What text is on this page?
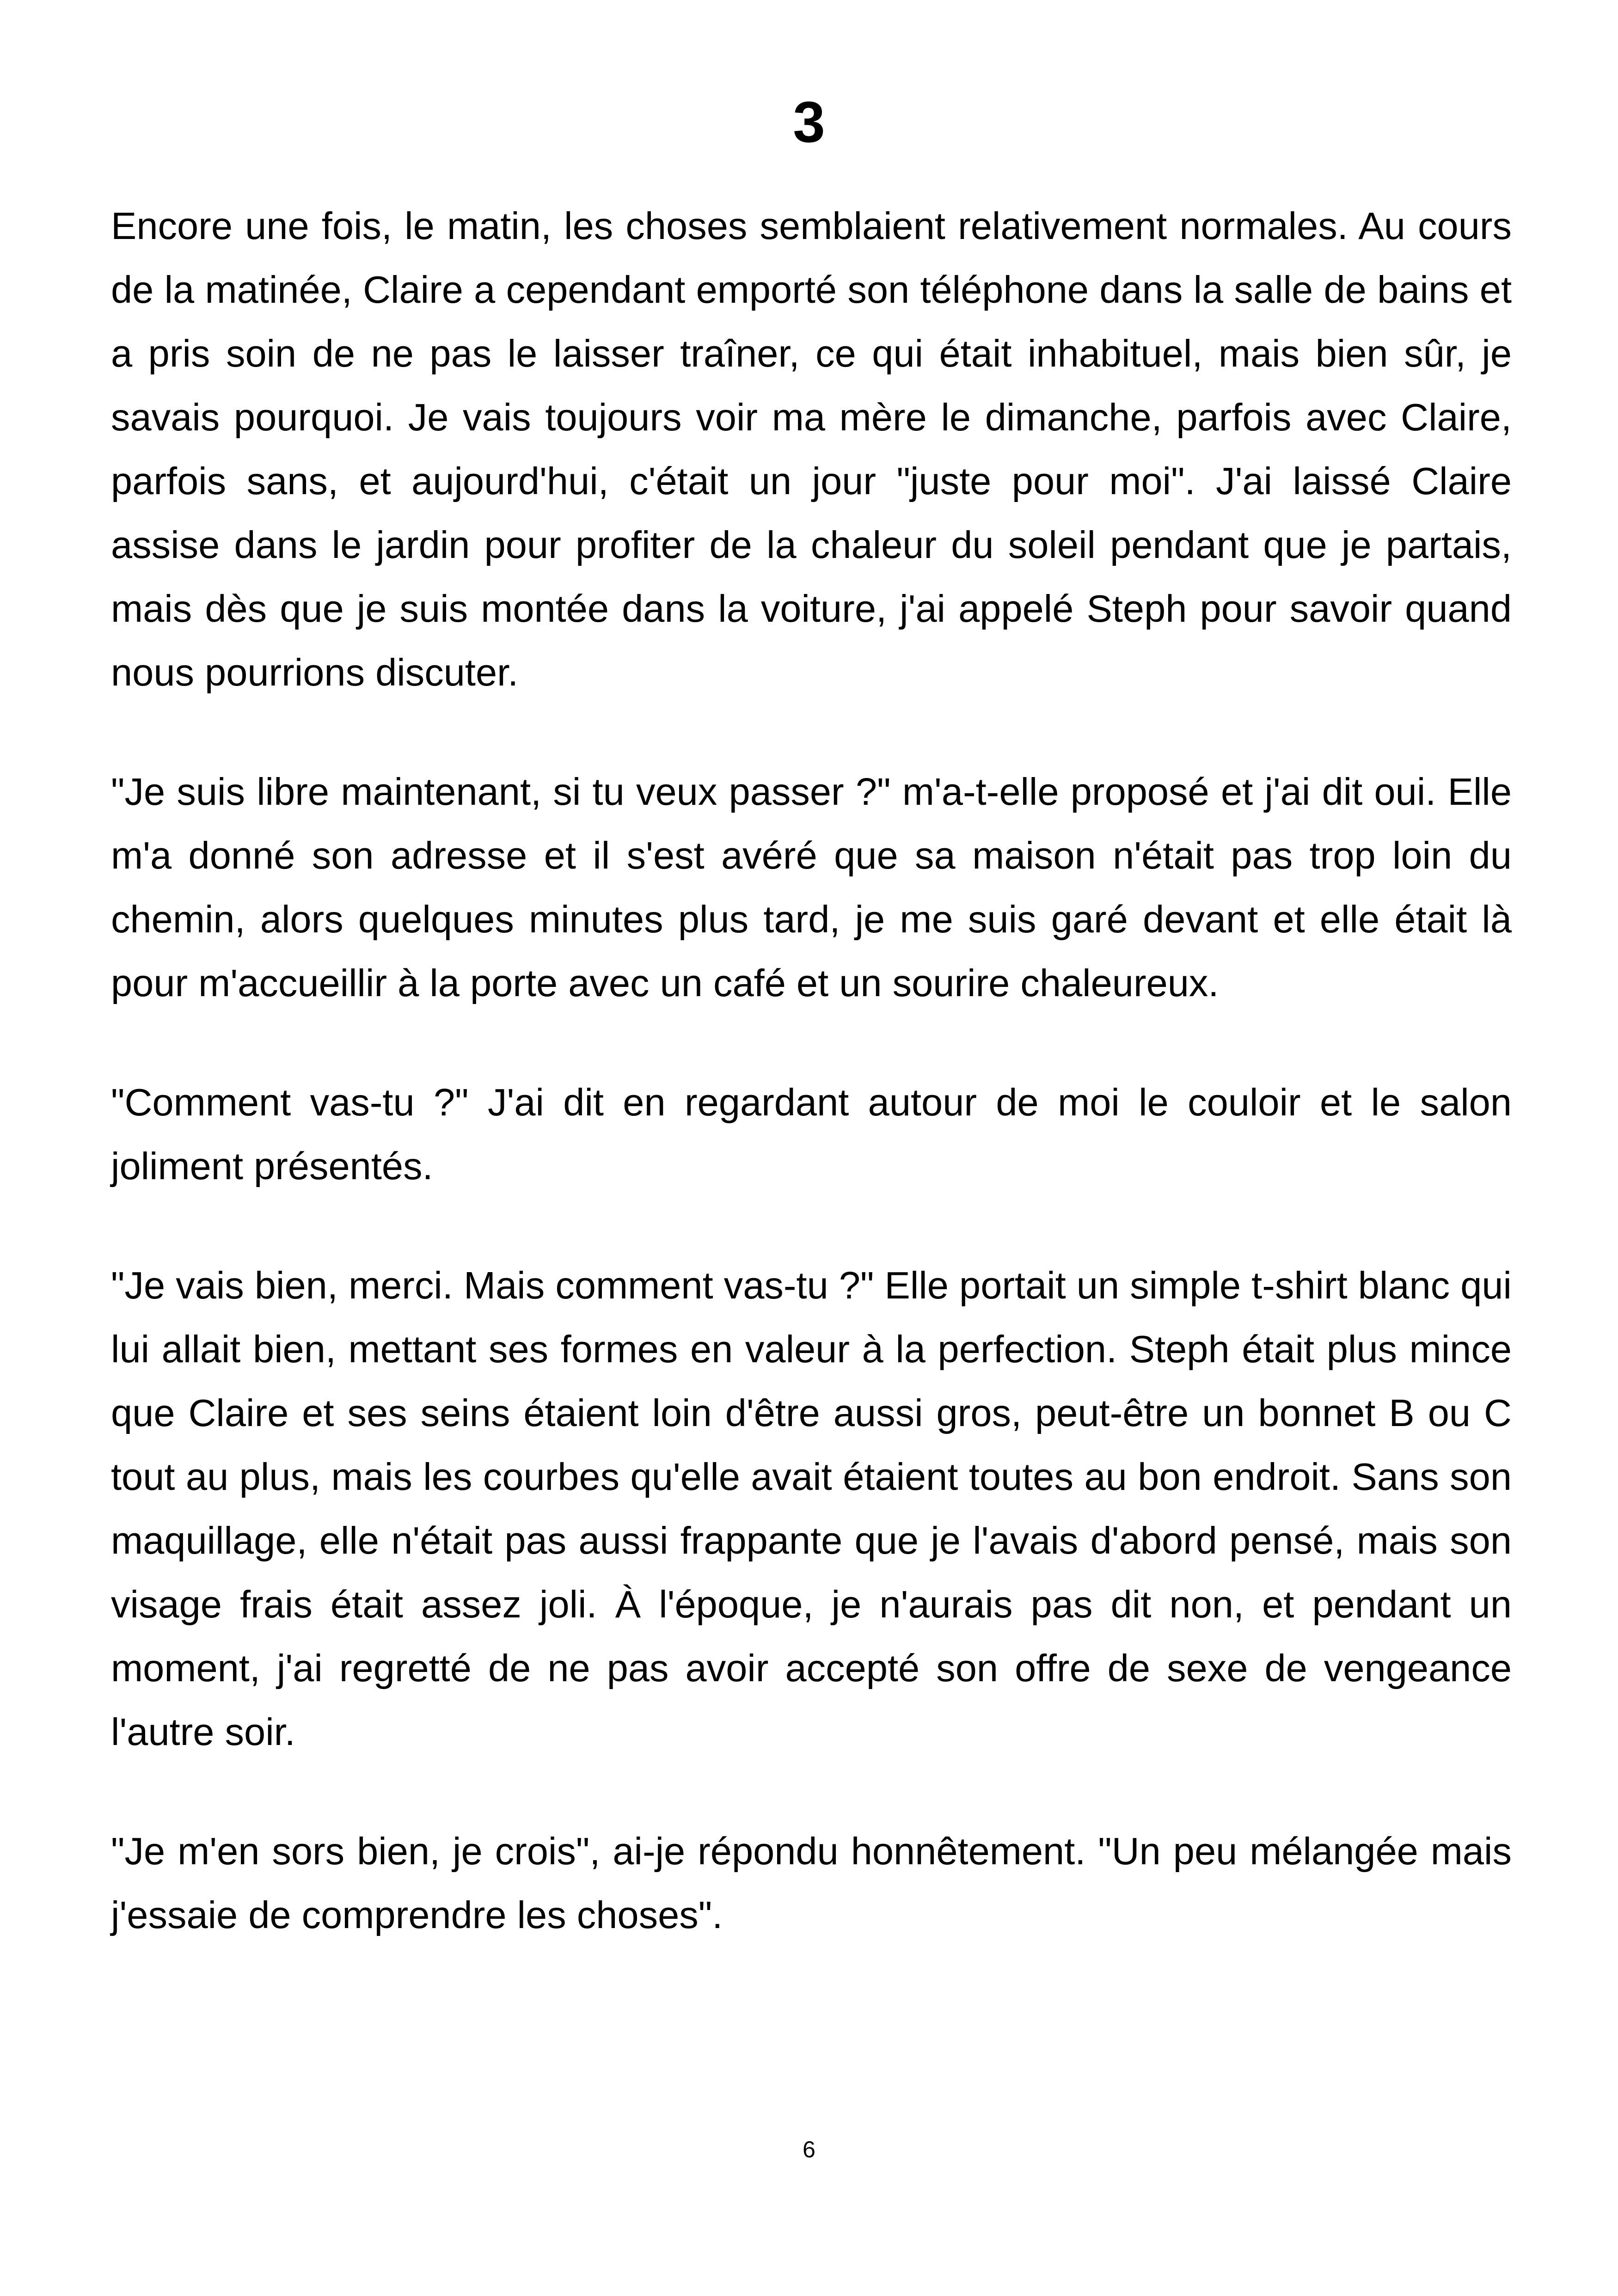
3

Encore une fois, le matin, les choses semblaient relativement normales. Au cours de la matinée, Claire a cependant emporté son téléphone dans la salle de bains et a pris soin de ne pas le laisser traîner, ce qui était inhabituel, mais bien sûr, je savais pourquoi. Je vais toujours voir ma mère le dimanche, parfois avec Claire, parfois sans, et aujourd'hui, c'était un jour "juste pour moi". J'ai laissé Claire assise dans le jardin pour profiter de la chaleur du soleil pendant que je partais, mais dès que je suis montée dans la voiture, j'ai appelé Steph pour savoir quand nous pourrions discuter.

"Je suis libre maintenant, si tu veux passer ?" m'a-t-elle proposé et j'ai dit oui. Elle m'a donné son adresse et il s'est avéré que sa maison n'était pas trop loin du chemin, alors quelques minutes plus tard, je me suis garé devant et elle était là pour m'accueillir à la porte avec un café et un sourire chaleureux.

"Comment vas-tu ?" J'ai dit en regardant autour de moi le couloir et le salon joliment présentés.

"Je vais bien, merci. Mais comment vas-tu ?" Elle portait un simple t-shirt blanc qui lui allait bien, mettant ses formes en valeur à la perfection. Steph était plus mince que Claire et ses seins étaient loin d'être aussi gros, peut-être un bonnet B ou C tout au plus, mais les courbes qu'elle avait étaient toutes au bon endroit. Sans son maquillage, elle n'était pas aussi frappante que je l'avais d'abord pensé, mais son visage frais était assez joli. À l'époque, je n'aurais pas dit non, et pendant un moment, j'ai regretté de ne pas avoir accepté son offre de sexe de vengeance l'autre soir.

"Je m'en sors bien, je crois", ai-je répondu honnêtement. "Un peu mélangée mais j'essaie de comprendre les choses".

6
